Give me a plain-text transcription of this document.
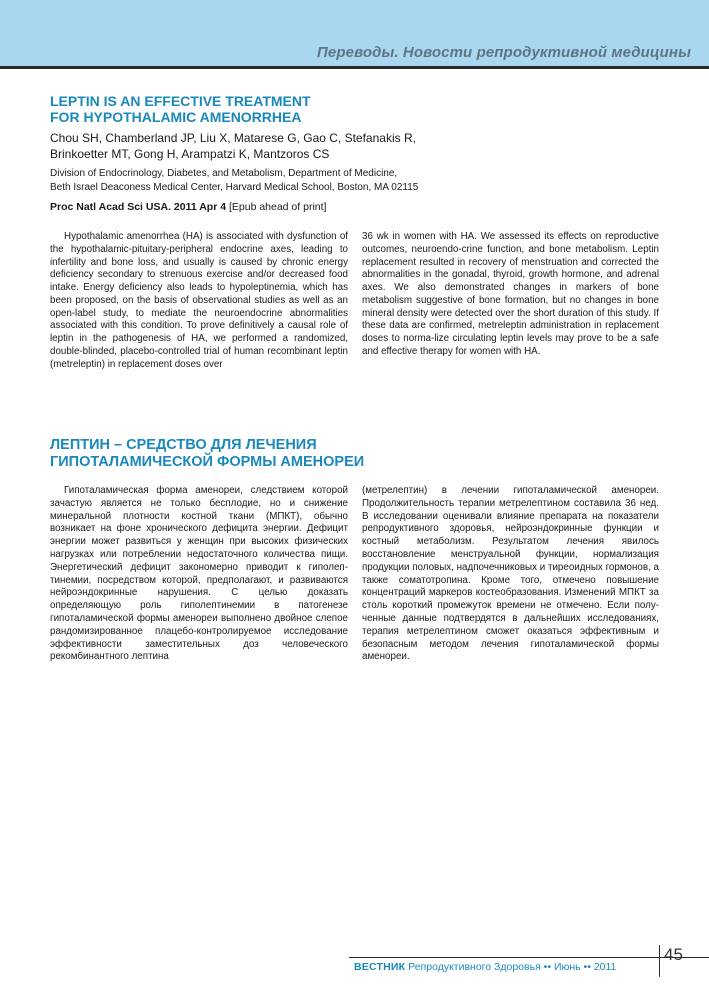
Переводы. Новости репродуктивной медицины

LEPTIN IS AN EFFECTIVE TREATMENT
FOR HYPOTHALAMIC AMENORRHEA

Chou SH, Chamberland JP, Liu X, Matarese G, Gao C, Stefanakis R,
Brinkoetter MT, Gong H, Arampatzi K, Mantzoros CS

Division of Endocrinology, Diabetes, and Metabolism, Department of Medicine,
Beth Israel Deaconess Medical Center, Harvard Medical School, Boston, MA 02115

Proc Natl Acad Sci USA. 2011 Apr 4 [Epub ahead of print]

Hypothalamic amenorrhea (HA) is associated with dysfunction of the hypothalamic-pituitary-peripheral endocrine axes, leading to infertility and bone loss, and usually is caused by chronic energy deficiency secondary to strenuous exercise and/or decreased food intake. Energy deficiency also leads to hypoleptinemia, which has been proposed, on the basis of observational studies as well as an open-label study, to mediate the neuroendocrine abnormalities associated with this condition. To prove definitively a causal role of leptin in the pathogenesis of HA, we performed a randomized, double-blinded, placebo-controlled trial of human recombinant leptin (metreleptin) in replacement doses over

36 wk in women with HA. We assessed its effects on reproductive outcomes, neuroendo-crine function, and bone metabolism. Leptin replacement resulted in recovery of menstruation and corrected the abnormalities in the gonadal, thyroid, growth hormone, and adrenal axes. We also demonstrated changes in markers of bone metabolism suggestive of bone formation, but no changes in bone mineral density were detected over the short duration of this study. If these data are confirmed, metreleptin administration in replacement doses to norma-lize circulating leptin levels may prove to be a safe and effective therapy for women with HA.

ЛЕПТИН – СРЕДСТВО ДЛЯ ЛЕЧЕНИЯ
ГИПОТАЛАМИЧЕСКОЙ ФОРМЫ АМЕНОРЕИ

Гипоталамическая форма аменореи, следствием которой зачастую является не только бесплодие, но и снижение минеральной плотности костной ткани (МПКТ), обычно возникает на фоне хронического дефицита энергии. Дефицит энергии может развиться у женщин при высоких физических нагрузках или потреблении недостаточного количества пищи. Энергетический дефицит закономерно приводит к гиполептинемии, посредством которой, предполагают, и развиваются нейроэндокринные нарушения. С целью доказать определяющую роль гиполептинемии в патогенезе гипоталамической формы аменореи выполнено двойное слепое рандомизированное плацебо-контролируемое исследование эффективности заместительных доз человеческого рекомбинантного лептина

(метрелептин) в лечении гипоталамической аменореи. Продолжительность терапии метрелептином составила 36 нед. В исследовании оценивали влияние препарата на показатели репродуктивного здоровья, нейроэндокринные функции и костный метаболизм. Результатом лечения явилось восстановление менструальной функции, нормализация продукции половых, надпочечниковых и тиреоидных гормонов, а также соматотропина. Кроме того, отмечено повышение концентраций маркеров костеобразования. Изменений МПКТ за столь короткий промежуток времени не отмечено. Если полученные данные подтвердятся в дальнейших исследованиях, терапия метрелептином сможет оказаться эффективным и безопасным методом лечения гипоталамической формы аменореи.

ВЕСТНИК Репродуктивного Здоровья •• Июнь •• 2011

45
